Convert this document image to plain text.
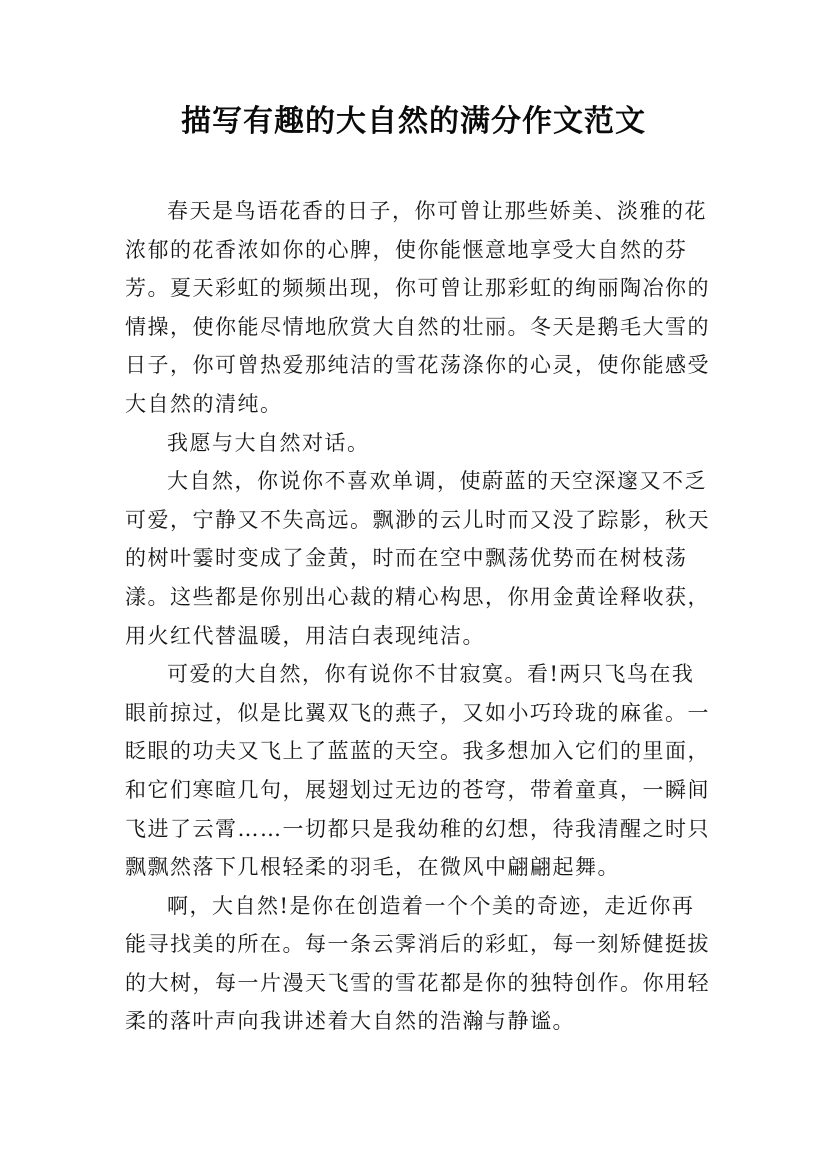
描写有趣的大自然的满分作文范文

春天是鸟语花香的日子，你可曾让那些娇美、淡雅的花浓郁的花香浓如你的心脾，使你能惬意地享受大自然的芬芳。夏天彩虹的频频出现，你可曾让那彩虹的绚丽陶冶你的情操，使你能尽情地欣赏大自然的壮丽。冬天是鹅毛大雪的日子，你可曾热爱那纯洁的雪花荡涤你的心灵，使你能感受大自然的清纯。

我愿与大自然对话。

大自然，你说你不喜欢单调，使蔚蓝的天空深邃又不乏可爱，宁静又不失高远。飘渺的云儿时而又没了踪影，秋天的树叶霎时变成了金黄，时而在空中飘荡优势而在树枝荡漾。这些都是你别出心裁的精心构思，你用金黄诠释收获，用火红代替温暖，用洁白表现纯洁。

可爱的大自然，你有说你不甘寂寞。看!两只飞鸟在我眼前掠过，似是比翼双飞的燕子，又如小巧玲珑的麻雀。一眨眼的功夫又飞上了蓝蓝的天空。我多想加入它们的里面，和它们寒暄几句，展翅划过无边的苍穹，带着童真，一瞬间飞进了云霄……一切都只是我幼稚的幻想，待我清醒之时只飘飘然落下几根轻柔的羽毛，在微风中翩翩起舞。

啊，大自然!是你在创造着一个个美的奇迹，走近你再能寻找美的所在。每一条云霁消后的彩虹，每一刻矫健挺拔的大树，每一片漫天飞雪的雪花都是你的独特创作。你用轻柔的落叶声向我讲述着大自然的浩瀚与静谧。
